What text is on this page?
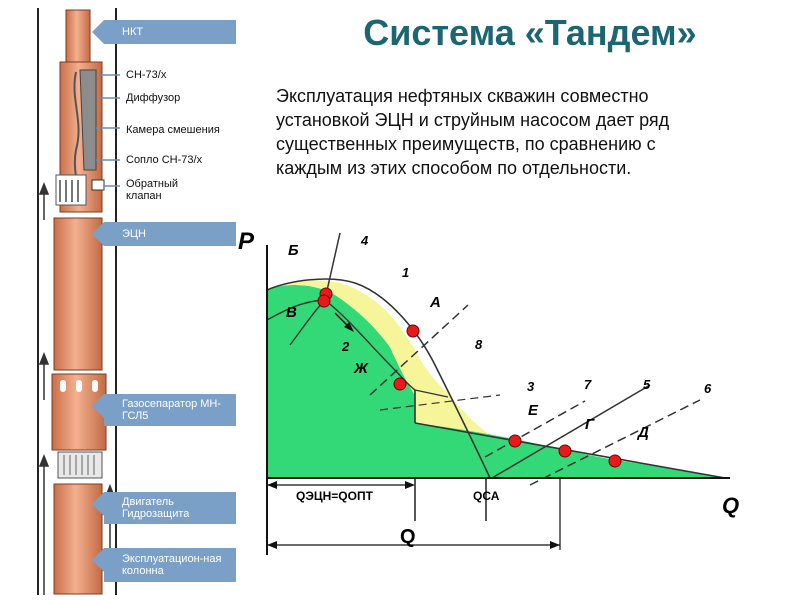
Система «Тандем»
Эксплуатация нефтяных скважин совместно установкой ЭЦН и струйным насосом дает ряд существенных преимуществ, по сравнению с каждым из этих способом по отдельности.
НКТ
СН-73/х
Диффузор
Камера смешения
Сопло СН-73/х
Обратный клапан
ЭЦН
Газосепаратор МН-ГСЛ5
Двигатель Гидрозащита
Эксплуатацион-ная колонна
P
Q
Q
QЭЦН=QОПТ	QСА
1
2
3
4
5	6
7
8
А
Б
В
Г	Д
Е
Ж
